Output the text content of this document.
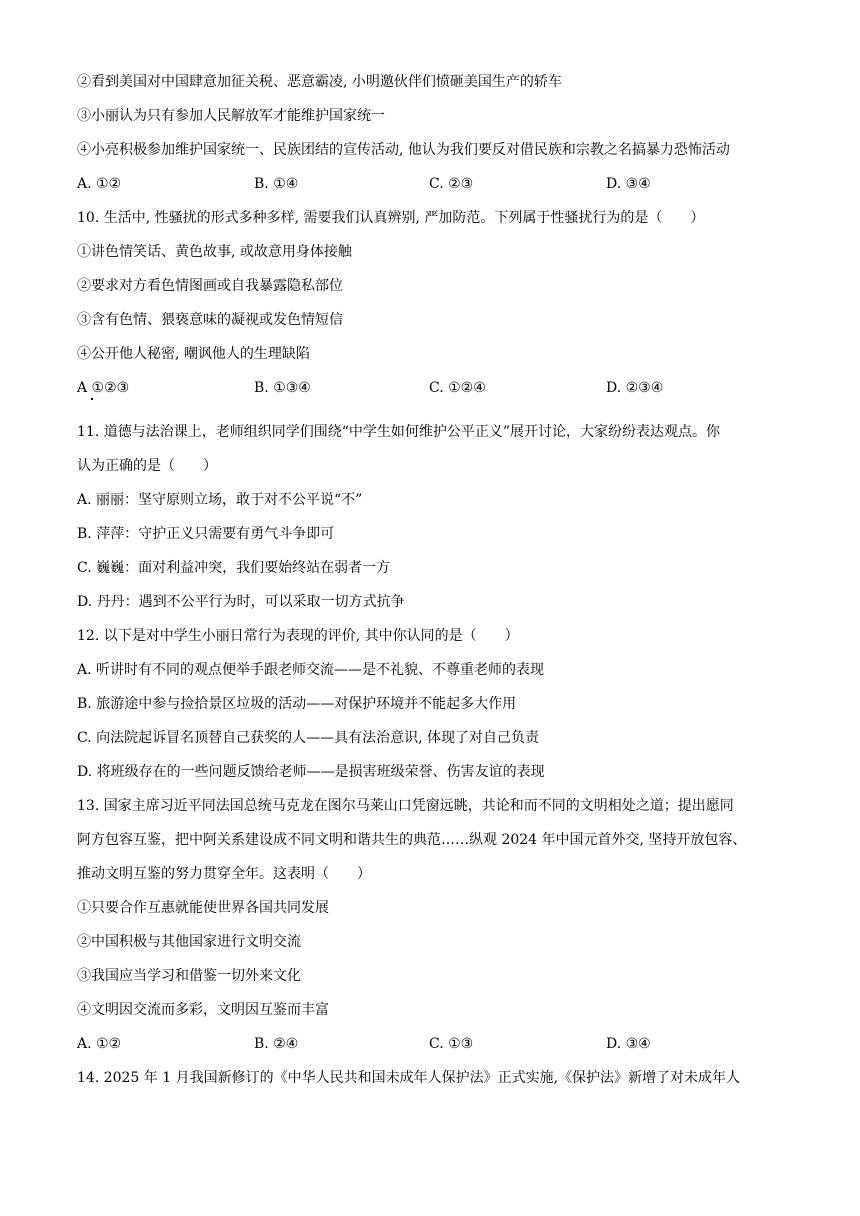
②看到美国对中国肆意加征关税、恶意霸凌, 小明邀伙伴们愤砸美国生产的轿车
③小丽认为只有参加人民解放军才能维护国家统一
④小亮积极参加维护国家统一、民族团结的宣传活动, 他认为我们要反对借民族和宗教之名搞暴力恐怖活动
A. ①②	B. ①④	C. ②③	D. ③④
10. 生活中, 性骚扰的形式多种多样, 需要我们认真辨别, 严加防范。下列属于性骚扰行为的是（　　）
①讲色情笑话、黄色故事, 或故意用身体接触
②要求对方看色情图画或自我暴露隐私部位
③含有色情、猥亵意味的凝视或发色情短信
④公开他人秘密, 嘲讽他人的生理缺陷
A ①②③	B. ①③④	C. ①②④	D. ②③④
11. 道德与法治课上，老师组织同学们围绕“中学生如何维护公平正义”展开讨论，大家纷纷表达观点。你
认为正确的是（　　）
A. 丽丽：坚守原则立场，敢于对不公平说“不”
B. 萍萍：守护正义只需要有勇气斗争即可
C. 巍巍：面对利益冲突，我们要始终站在弱者一方
D. 丹丹：遇到不公平行为时，可以采取一切方式抗争
12. 以下是对中学生小丽日常行为表现的评价, 其中你认同的是（　　）
A. 听讲时有不同的观点便举手跟老师交流——是不礼貌、不尊重老师的表现
B. 旅游途中参与捡拾景区垃圾的活动——对保护环境并不能起多大作用
C. 向法院起诉冒名顶替自己获奖的人——具有法治意识, 体现了对自己负责
D. 将班级存在的一些问题反馈给老师——是损害班级荣誉、伤害友谊的表现
13. 国家主席习近平同法国总统马克龙在图尔马莱山口凭窗远眺，共论和而不同的文明相处之道；提出愿同
阿方包容互鉴，把中阿关系建设成不同文明和谐共生的典范……纵观 2024 年中国元首外交, 坚持开放包容、
推动文明互鉴的努力贯穿全年。这表明（　　）
①只要合作互惠就能使世界各国共同发展
②中国积极与其他国家进行文明交流
③我国应当学习和借鉴一切外来文化
④文明因交流而多彩，文明因互鉴而丰富
A. ①②	B. ②④	C. ①③	D. ③④
14. 2025 年 1 月我国新修订的《中华人民共和国未成年人保护法》正式实施,《保护法》新增了对未成年人
